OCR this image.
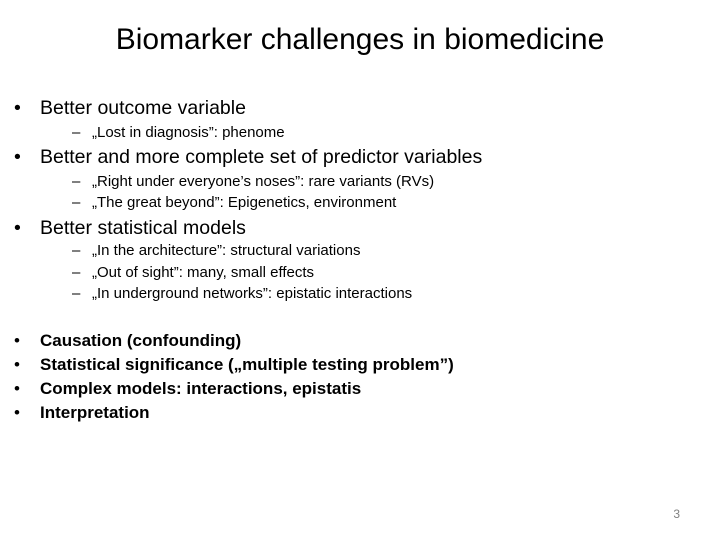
Biomarker challenges in biomedicine
• Better outcome variable
– „Lost in diagnosis”: phenome
• Better and more complete set of predictor variables
– „Right under everyone’s noses”: rare variants (RVs)
– „The great beyond”: Epigenetics, environment
• Better statistical models
– „In the architecture”: structural variations
– „Out of sight”: many, small effects
– „In underground networks”: epistatic interactions
• Causation (confounding)
• Statistical significance („multiple testing problem”)
• Complex models: interactions, epistatis
• Interpretation
3
